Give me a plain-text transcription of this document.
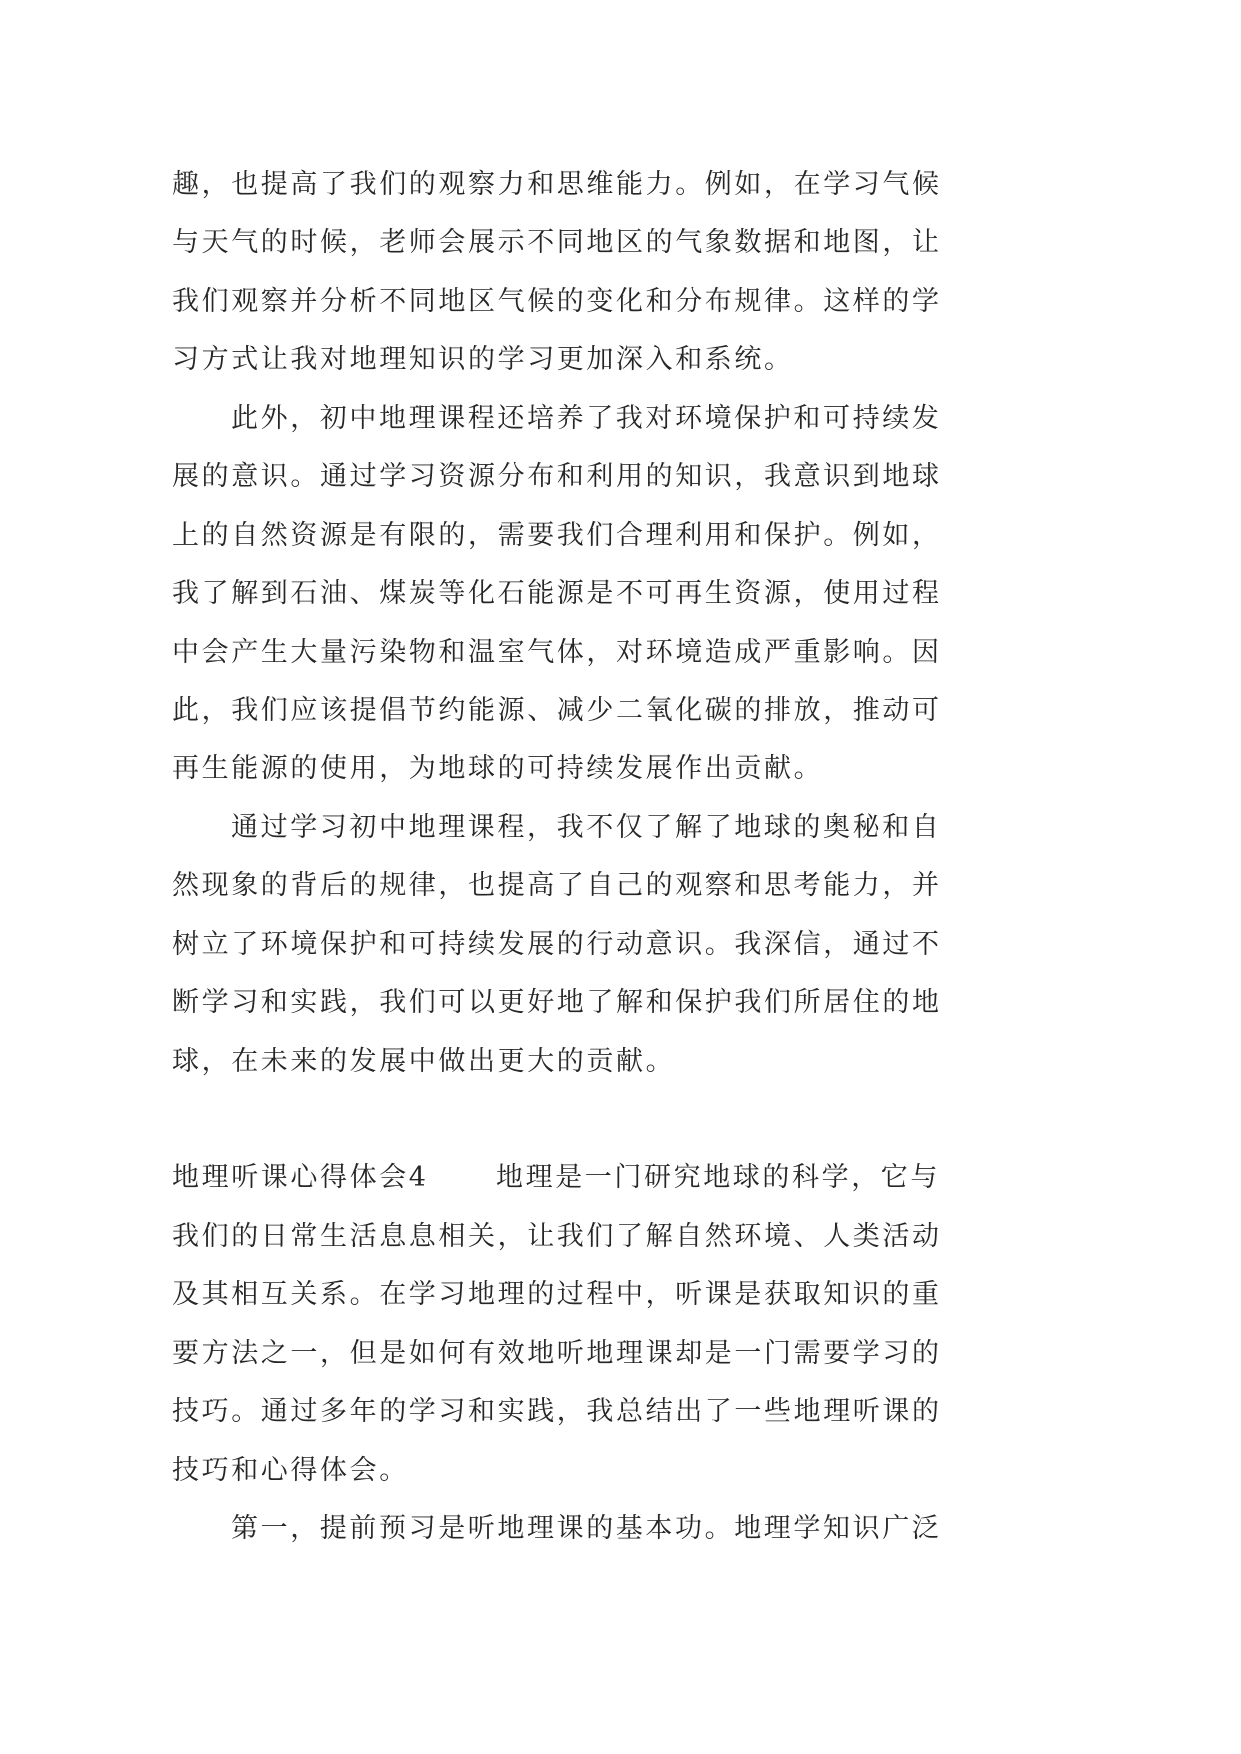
趣，也提高了我们的观察力和思维能力。例如，在学习气候
与天气的时候，老师会展示不同地区的气象数据和地图，让
我们观察并分析不同地区气候的变化和分布规律。这样的学
习方式让我对地理知识的学习更加深入和系统。
此外，初中地理课程还培养了我对环境保护和可持续发
展的意识。通过学习资源分布和利用的知识，我意识到地球
上的自然资源是有限的，需要我们合理利用和保护。例如，
我了解到石油、煤炭等化石能源是不可再生资源，使用过程
中会产生大量污染物和温室气体，对环境造成严重影响。因
此，我们应该提倡节约能源、减少二氧化碳的排放，推动可
再生能源的使用，为地球的可持续发展作出贡献。
通过学习初中地理课程，我不仅了解了地球的奥秘和自
然现象的背后的规律，也提高了自己的观察和思考能力，并
树立了环境保护和可持续发展的行动意识。我深信，通过不
断学习和实践，我们可以更好地了解和保护我们所居住的地
球，在未来的发展中做出更大的贡献。
地理听课心得体会4 地理是一门研究地球的科学，它与
我们的日常生活息息相关，让我们了解自然环境、人类活动
及其相互关系。在学习地理的过程中，听课是获取知识的重
要方法之一，但是如何有效地听地理课却是一门需要学习的
技巧。通过多年的学习和实践，我总结出了一些地理听课的
技巧和心得体会。
第一，提前预习是听地理课的基本功。地理学知识广泛
